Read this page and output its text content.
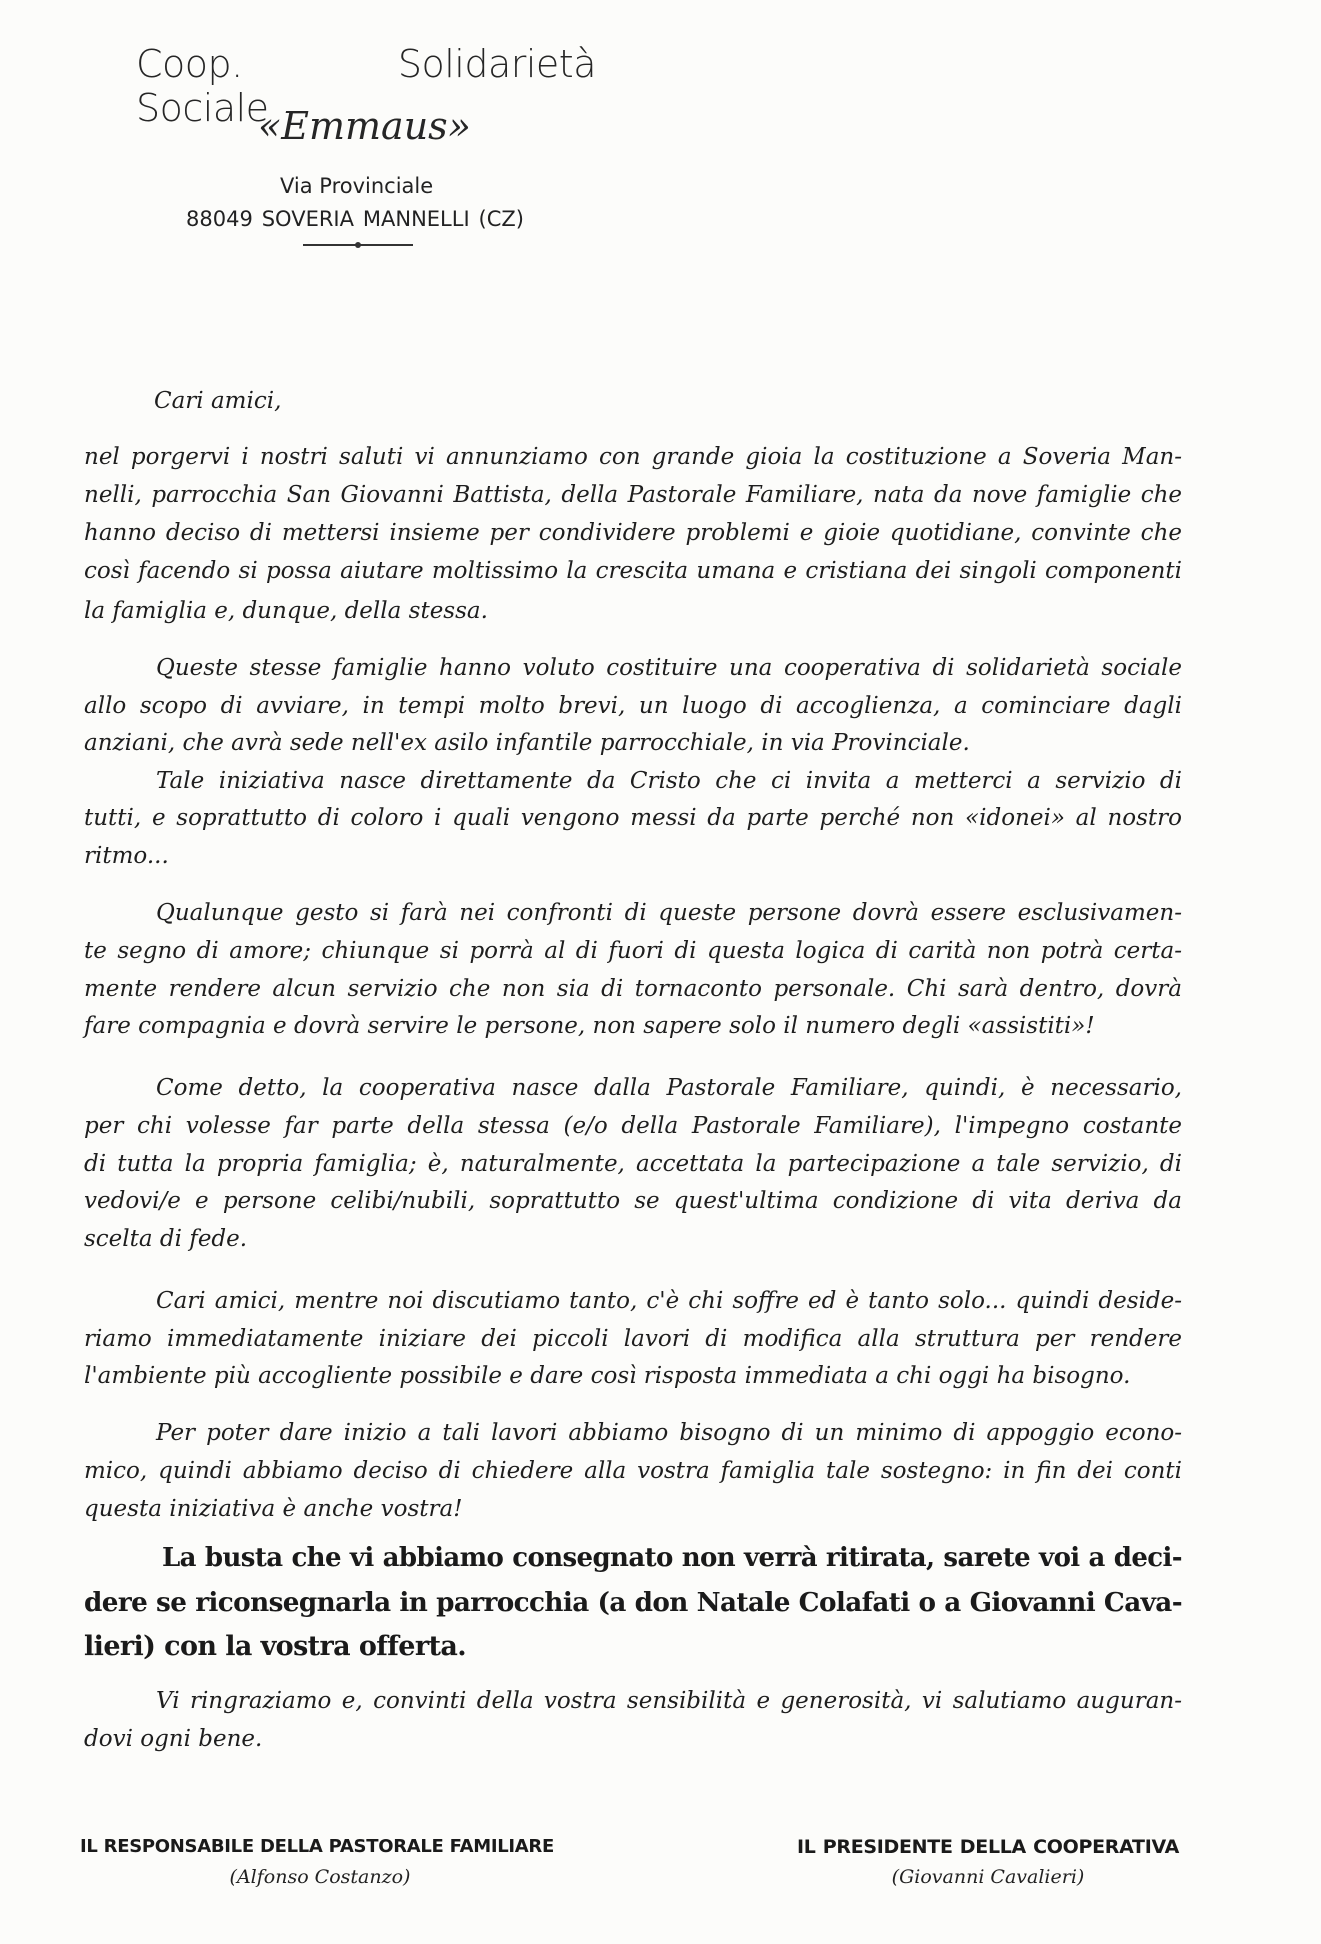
Coop. Solidarietà Sociale
«Emmaus»
Via Provinciale
88049 SOVERIA MANNELLI (CZ)
Cari amici,
nel porgervi i nostri saluti vi annunziamo con grande gioia la costituzione a Soveria Man-
nelli, parrocchia San Giovanni Battista, della Pastorale Familiare, nata da nove famiglie che
hanno deciso di mettersi insieme per condividere problemi e gioie quotidiane, convinte che
così facendo si possa aiutare moltissimo la crescita umana e cristiana dei singoli componenti
la famiglia e, dunque, della stessa.
Queste stesse famiglie hanno voluto costituire una cooperativa di solidarietà sociale
allo scopo di avviare, in tempi molto brevi, un luogo di accoglienza, a cominciare dagli
anziani, che avrà sede nell'ex asilo infantile parrocchiale, in via Provinciale.
Tale iniziativa nasce direttamente da Cristo che ci invita a metterci a servizio di
tutti, e soprattutto di coloro i quali vengono messi da parte perché non «idonei» al nostro
ritmo...
Qualunque gesto si farà nei confronti di queste persone dovrà essere esclusivamen-
te segno di amore; chiunque si porrà al di fuori di questa logica di carità non potrà certa-
mente rendere alcun servizio che non sia di tornaconto personale. Chi sarà dentro, dovrà
fare compagnia e dovrà servire le persone, non sapere solo il numero degli «assistiti»!
Come detto, la cooperativa nasce dalla Pastorale Familiare, quindi, è necessario,
per chi volesse far parte della stessa (e/o della Pastorale Familiare), l'impegno costante
di tutta la propria famiglia; è, naturalmente, accettata la partecipazione a tale servizio, di
vedovi/e e persone celibi/nubili, soprattutto se quest'ultima condizione di vita deriva da
scelta di fede.
Cari amici, mentre noi discutiamo tanto, c'è chi soffre ed è tanto solo... quindi deside-
riamo immediatamente iniziare dei piccoli lavori di modifica alla struttura per rendere
l'ambiente più accogliente possibile e dare così risposta immediata a chi oggi ha bisogno.
Per poter dare inizio a tali lavori abbiamo bisogno di un minimo di appoggio econo-
mico, quindi abbiamo deciso di chiedere alla vostra famiglia tale sostegno: in fin dei conti
questa iniziativa è anche vostra!
La busta che vi abbiamo consegnato non verrà ritirata, sarete voi a deci-
dere se riconsegnarla in parrocchia (a don Natale Colafati o a Giovanni Cava-
lieri) con la vostra offerta.
Vi ringraziamo e, convinti della vostra sensibilità e generosità, vi salutiamo auguran-
dovi ogni bene.
IL RESPONSABILE DELLA PASTORALE FAMILIARE
(Alfonso Costanzo)
IL PRESIDENTE DELLA COOPERATIVA
(Giovanni Cavalieri)
